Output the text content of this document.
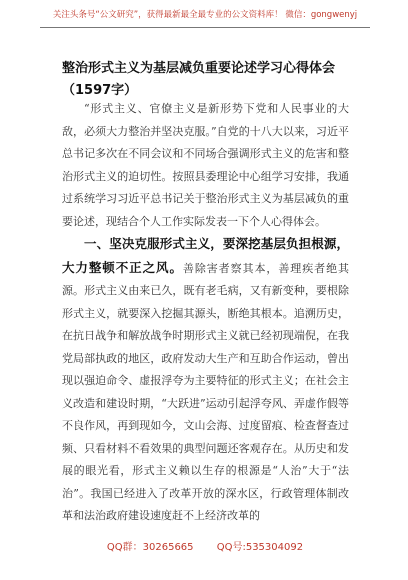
关注头条号“公文研究”，获得最新最全最专业的公文资料库！ 微信：gongwenyj
整治形式主义为基层减负重要论述学习心得体会（1597字）

“形式主义、官僚主义是新形势下党和人民事业的大敌，必须大力整治并坚决克服。”自党的十八大以来，习近平总书记多次在不同会议和不同场合强调形式主义的危害和整治形式主义的迫切性。按照县委理论中心组学习安排，我通过系统学习习近平总书记关于整治形式主义为基层减负的重要论述，现结合个人工作实际发表一下个人心得体会。

一、坚决克服形式主义，要深挖基层负担根源，大力整顿不正之风。善除害者察其本，善理疾者绝其源。形式主义由来已久，既有老毛病，又有新变种，要根除形式主义，就要深入挖掘其源头，断绝其根本。追溯历史，在抗日战争和解放战争时期形式主义就已经初现端倪，在我党局部执政的地区，政府发动大生产和互助合作运动，曾出现以强迫命令、虚报浮夸为主要特征的形式主义；在社会主义改造和建设时期，“大跃进”运动引起浮夸风、弄虚作假等不良作风，再到现如今，文山会海、过度留痕、检查督查过频、只看材料不看效果的典型问题还客观存在。从历史和发展的眼光看，形式主义赖以生存的根源是“人治”大于“法治”。我国已经进入了改革开放的深水区，行政管理体制改革和法治政府建设速度赶不上经济改革的

QQ群：30265665 QQ号:535304092
